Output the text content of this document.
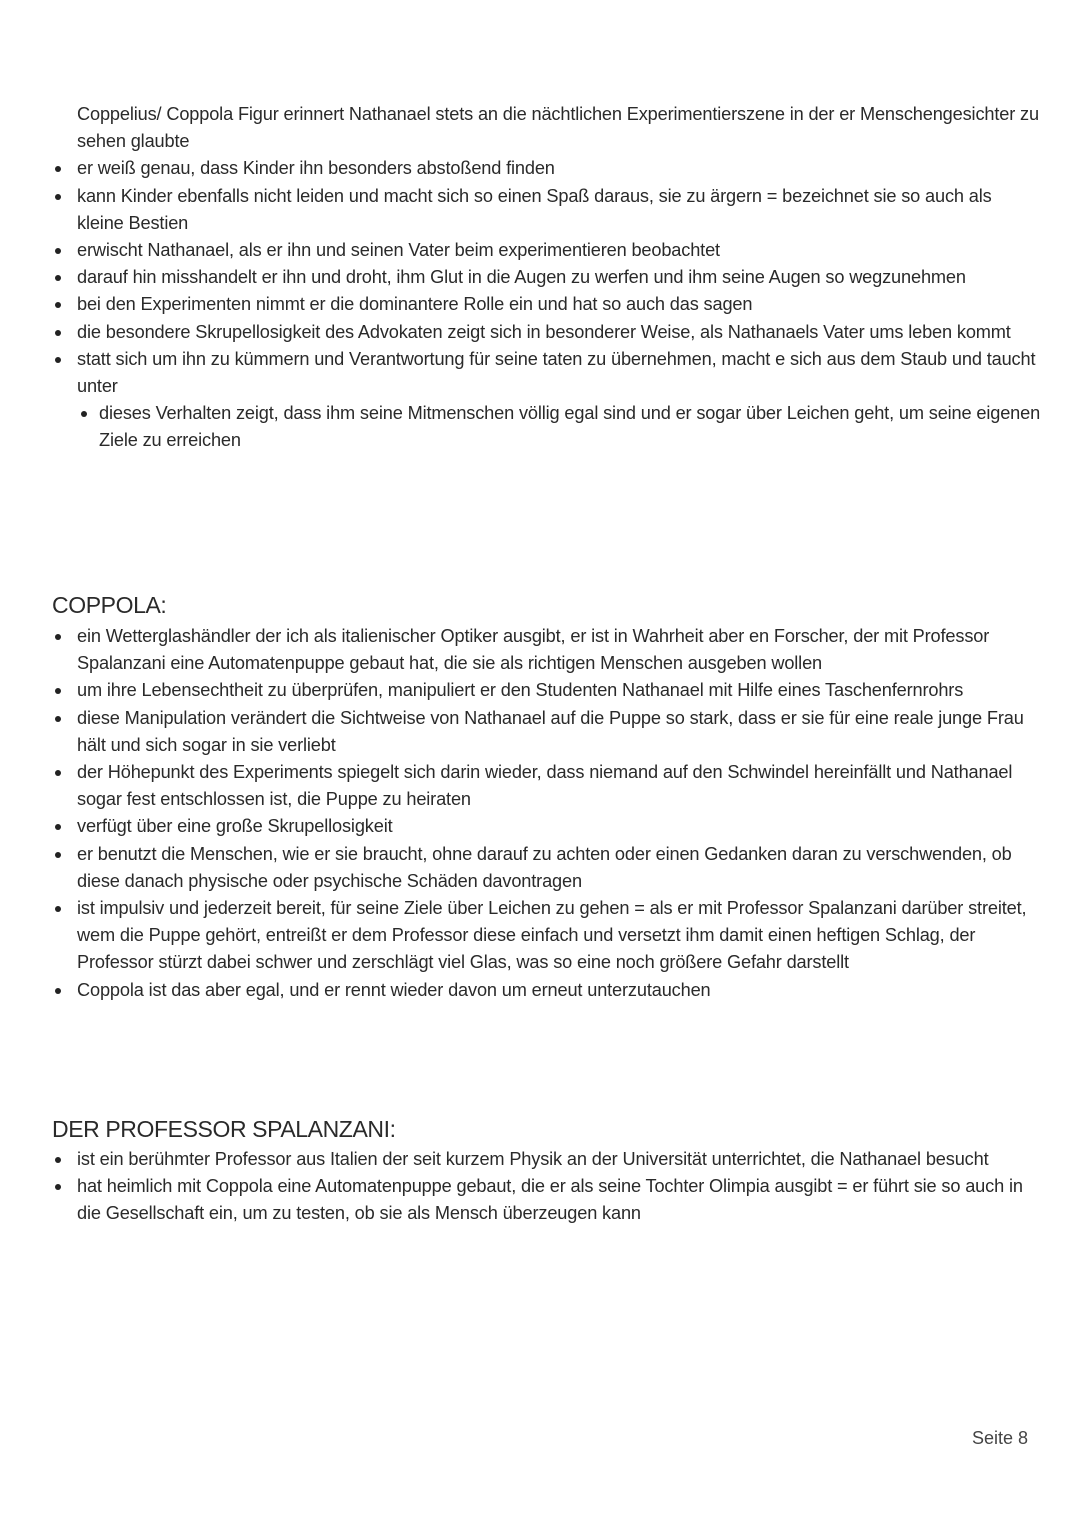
Coppelius/ Coppola Figur erinnert Nathanael stets an die nächtlichen Experimentierszene in der er Menschengesichter zu sehen glaubte

er weiß genau, dass Kinder ihn besonders abstoßend finden
kann Kinder ebenfalls nicht leiden und macht sich so einen Spaß daraus, sie zu ärgern = bezeichnet sie so auch als kleine Bestien
erwischt Nathanael, als er ihn und seinen Vater beim experimentieren beobachtet
darauf hin misshandelt er ihn und droht, ihm Glut in die Augen zu werfen und ihm seine Augen so wegzunehmen
bei den Experimenten nimmt er die dominantere Rolle ein und hat so auch das sagen
die besondere Skrupellosigkeit des Advokaten zeigt sich in besonderer Weise, als Nathanaels Vater ums leben kommt
statt sich um ihn zu kümmern und Verantwortung für seine taten zu übernehmen, macht e sich aus dem Staub und taucht unter
dieses Verhalten zeigt, dass ihm seine Mitmenschen völlig egal sind und er sogar über Leichen geht, um seine eigenen Ziele zu erreichen
COPPOLA:
ein Wetterglashändler der ich als italienischer Optiker ausgibt, er ist in Wahrheit aber en Forscher, der mit Professor Spalanzani eine Automatenpuppe gebaut hat, die sie als richtigen Menschen ausgeben wollen
um ihre Lebensechtheit zu überprüfen, manipuliert er den Studenten Nathanael mit Hilfe eines Taschenfernrohrs
diese Manipulation verändert die Sichtweise von Nathanael auf die Puppe so stark, dass er sie für eine reale junge Frau hält und sich sogar in sie verliebt
der Höhepunkt des Experiments spiegelt sich darin wieder, dass niemand auf den Schwindel hereinfällt und Nathanael sogar fest entschlossen ist, die Puppe zu heiraten
verfügt über eine große Skrupellosigkeit
er benutzt die Menschen, wie er sie braucht, ohne darauf zu achten oder einen Gedanken daran zu verschwenden, ob diese danach physische oder psychische Schäden davontragen
ist impulsiv und jederzeit bereit, für seine Ziele über Leichen zu gehen = als er mit Professor Spalanzani darüber streitet, wem die Puppe gehört, entreißt er dem Professor diese einfach und versetzt ihm damit einen heftigen Schlag, der Professor stürzt dabei schwer und zerschlägt viel Glas, was so eine noch größere Gefahr darstellt
Coppola ist das aber egal, und er rennt wieder davon um erneut unterzutauchen
DER PROFESSOR SPALANZANI:
ist ein berühmter Professor aus Italien der seit kurzem Physik an der Universität unterrichtet, die Nathanael besucht
hat heimlich mit Coppola eine Automatenpuppe gebaut, die er als seine Tochter Olimpia ausgibt = er führt sie so auch in die Gesellschaft ein, um zu testen, ob sie als Mensch überzeugen kann
Seite 8
